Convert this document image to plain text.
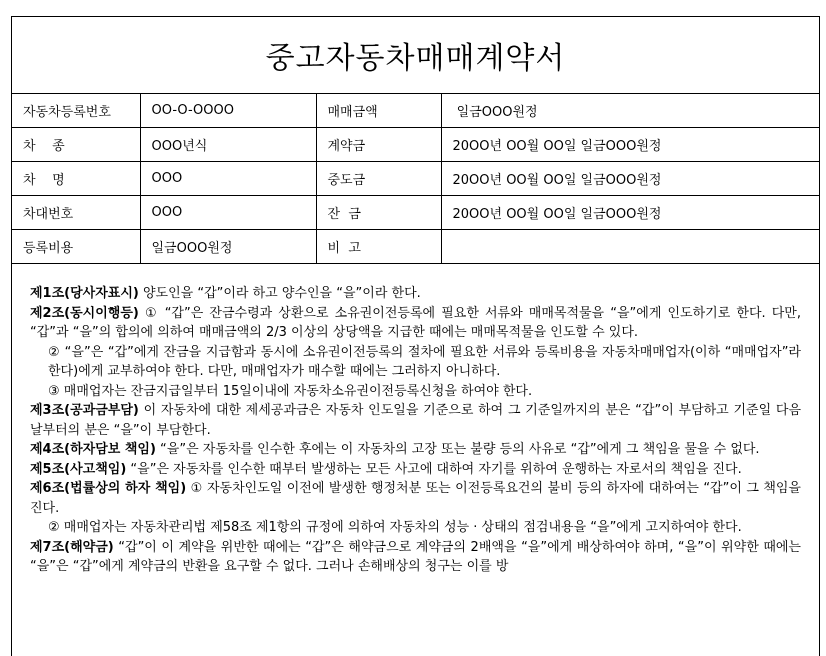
중고자동차매매계약서
자동차등록번호	OO-O-OOOO	매매금액	일금OOO원정
차    종	OOO년식	계약금	20OO년 OO월 OO일 일금OOO원정
차    명	OOO	중도금	20OO년 OO월 OO일 일금OOO원정
차대번호	OOO	잔  금	20OO년 OO월 OO일 일금OOO원정
등록비용	일금OOO원정	비  고	

제1조(당사자표시) 양도인을 “갑”이라 하고 양수인을 “을”이라 한다.

제2조(동시이행등) ① “갑”은 잔금수령과 상환으로 소유권이전등록에 필요한 서류와 매매목적물을 “을”에게 인도하기로 한다. 다만, “갑”과 “을”의 합의에 의하여 매매금액의 2/3 이상의 상당액을 지급한 때에는 매매목적물을 인도할 수 있다.

② “을”은 “갑”에게 잔금을 지급함과 동시에 소유권이전등록의 절차에 필요한 서류와 등록비용을 자동차매매업자(이하 “매매업자”라 한다)에게 교부하여야 한다. 다만, 매매업자가 매수할 때에는 그러하지 아니하다.

③ 매매업자는 잔금지급일부터 15일이내에 자동차소유권이전등록신청을 하여야 한다.

제3조(공과금부담) 이 자동차에 대한 제세공과금은 자동차 인도일을 기준으로 하여 그 기준일까지의 분은 “갑”이 부담하고 기준일 다음날부터의 분은 “을”이 부담한다.

제4조(하자담보 책임) “을”은 자동차를 인수한 후에는 이 자동차의 고장 또는 불량 등의 사유로 “갑”에게 그 책임을 물을 수 없다.

제5조(사고책임) “을”은 자동차를 인수한 때부터 발생하는 모든 사고에 대하여 자기를 위하여 운행하는 자로서의 책임을 진다.

제6조(법률상의 하자 책임) ① 자동차인도일 이전에 발생한 행정처분 또는 이전등록요건의 불비 등의 하자에 대하여는 “갑”이 그 책임을 진다.

② 매매업자는 자동차관리법 제58조 제1항의 규정에 의하여 자동차의 성능 · 상태의 점검내용을 “을”에게 고지하여야 한다.

제7조(해약금) “갑”이 이 계약을 위반한 때에는 “갑”은 해약금으로 계약금의 2배액을 “을”에게 배상하여야 하며, “을”이 위약한 때에는 “을”은 “갑”에게 계약금의 반환을 요구할 수 없다. 그러나 손해배상의 청구는 이를 방
